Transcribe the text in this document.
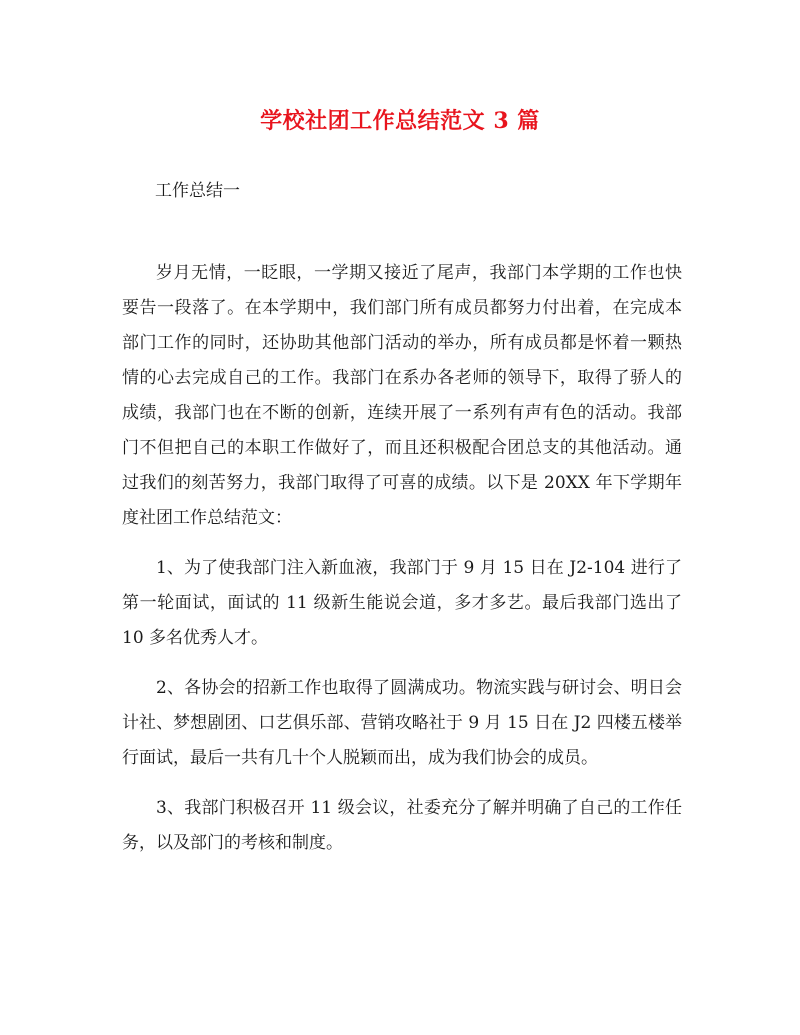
学校社团工作总结范文 3 篇

工作总结一

岁月无情，一眨眼，一学期又接近了尾声，我部门本学期的工作也快要告一段落了。在本学期中，我们部门所有成员都努力付出着，在完成本部门工作的同时，还协助其他部门活动的举办，所有成员都是怀着一颗热情的心去完成自己的工作。我部门在系办各老师的领导下，取得了骄人的成绩，我部门也在不断的创新，连续开展了一系列有声有色的活动。我部门不但把自己的本职工作做好了，而且还积极配合团总支的其他活动。通过我们的刻苦努力，我部门取得了可喜的成绩。以下是 20XX 年下学期年度社团工作总结范文：

1、为了使我部门注入新血液，我部门于 9 月 15 日在 J2-104 进行了第一轮面试，面试的 11 级新生能说会道，多才多艺。最后我部门选出了 10 多名优秀人才。

2、各协会的招新工作也取得了圆满成功。物流实践与研讨会、明日会计社、梦想剧团、口艺俱乐部、营销攻略社于 9 月 15 日在 J2 四楼五楼举行面试，最后一共有几十个人脱颖而出，成为我们协会的成员。

3、我部门积极召开 11 级会议，社委充分了解并明确了自己的工作任务，以及部门的考核和制度。
